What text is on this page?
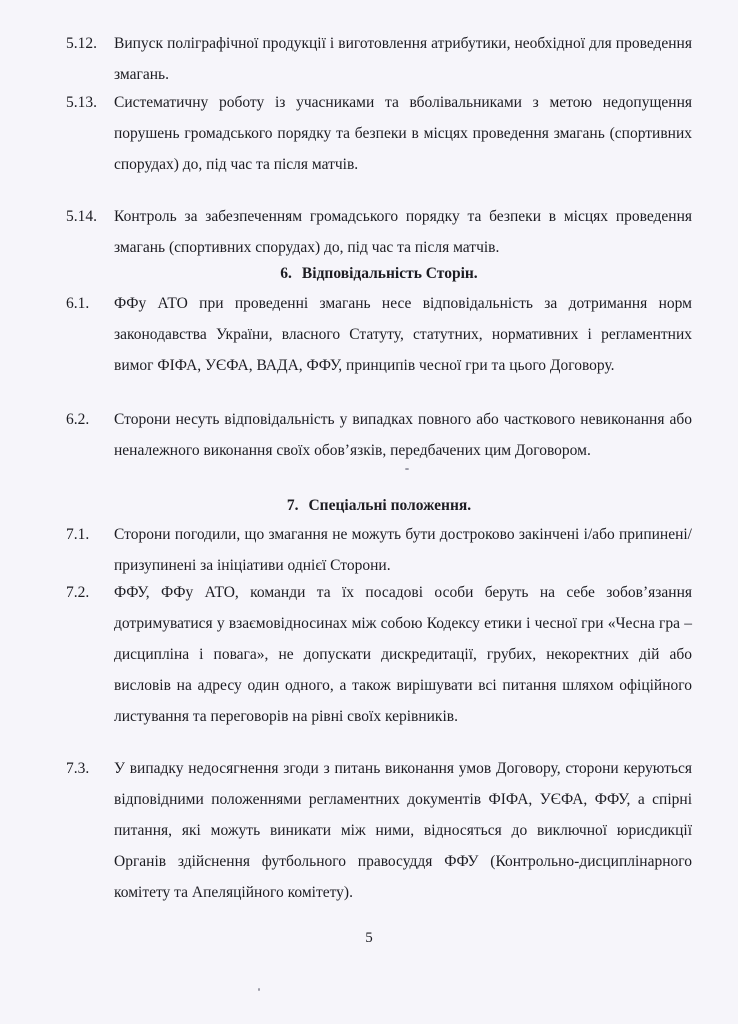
5.12. Випуск поліграфічної продукції і виготовлення атрибутики, необхідної для проведення змагань.
5.13. Систематичну роботу із учасниками та вболівальниками з метою недопущення порушень громадського порядку та безпеки в місцях проведення змагань (спортивних спорудах) до, під час та після матчів.
5.14. Контроль за забезпеченням громадського порядку та безпеки в місцях проведення змагань (спортивних спорудах) до, під час та після матчів.
6. Відповідальність Сторін.
6.1. ФФу АТО при проведенні змагань несе відповідальність за дотримання норм законодавства України, власного Статуту, статутних, нормативних і регламентних вимог ФІФА, УЄФА, ВАДА, ФФУ, принципів чесної гри та цього Договору.
6.2. Сторони несуть відповідальність у випадках повного або часткового невиконання або неналежного виконання своїх обов’язків, передбачених цим Договором.
7. Спеціальні положення.
7.1. Сторони погодили, що змагання не можуть бути достроково закінчені і/або припинені/призупинені за ініціативи однієї Сторони.
7.2. ФФУ, ФФу АТО, команди та їх посадові особи беруть на себе зобов’язання дотримуватися у взаємовідносинах між собою Кодексу етики і чесної гри «Чесна гра – дисципліна і повага», не допускати дискредитації, грубих, некоректних дій або висловів на адресу один одного, а також вирішувати всі питання шляхом офіційного листування та переговорів на рівні своїх керівників.
7.3. У випадку недосягнення згоди з питань виконання умов Договору, сторони керуються відповідними положеннями регламентних документів ФІФА, УЄФА, ФФУ, а спірні питання, які можуть виникати між ними, відносяться до виключної юрисдикції Органів здійснення футбольного правосуддя ФФУ (Контрольно-дисциплінарного комітету та Апеляційного комітету).
5
